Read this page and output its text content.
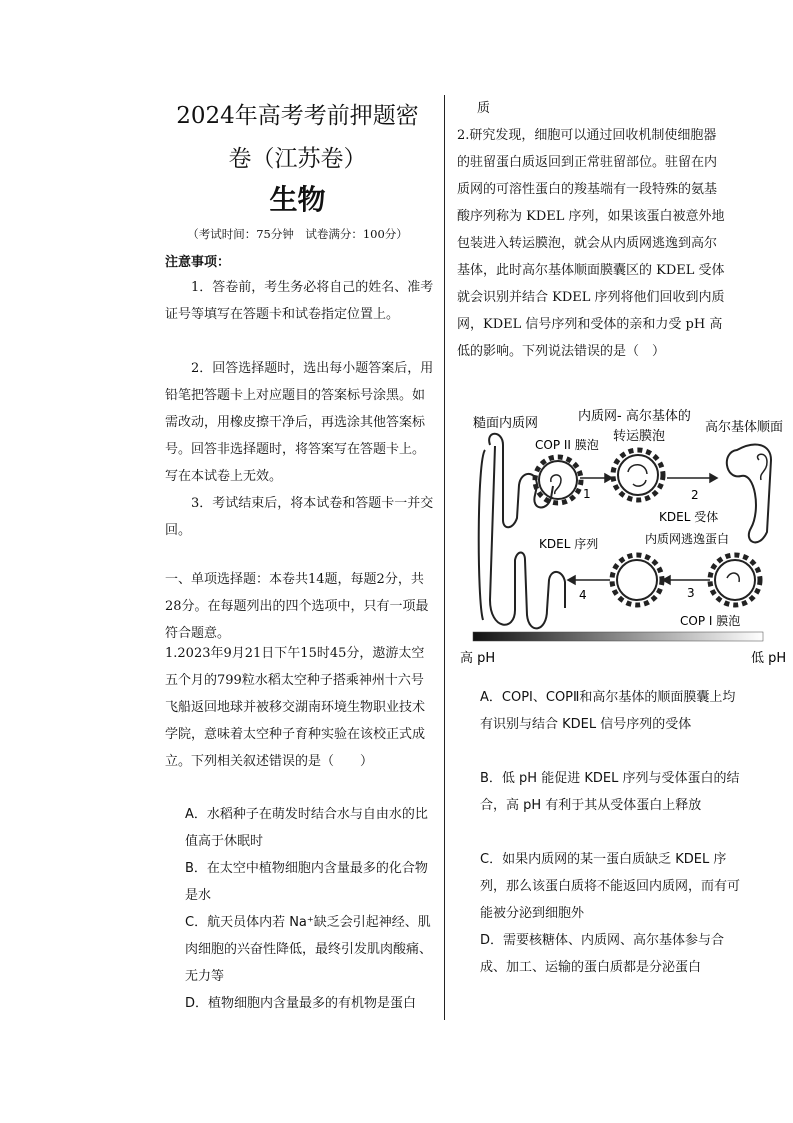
2024年高考考前押题密
卷（江苏卷）
生物
（考试时间：75分钟　试卷满分：100分）
注意事项：
1．答卷前，考生务必将自己的姓名、准考证号等填写在答题卡和试卷指定位置上。
2．回答选择题时，选出每小题答案后，用铅笔把答题卡上对应题目的答案标号涂黑。如需改动，用橡皮擦干净后，再选涂其他答案标号。回答非选择题时，将答案写在答题卡上。写在本试卷上无效。
3．考试结束后，将本试卷和答题卡一并交回。
一、单项选择题：本卷共14题，每题2分，共28分。在每题列出的四个选项中，只有一项最符合题意。
1.2023年9月21日下午15时45分，遨游太空五个月的799粒水稻太空种子搭乘神州十六号飞船返回地球并被移交湖南环境生物职业技术学院，意味着太空种子育种实验在该校正式成立。下列相关叙述错误的是（　　）
A．水稻种子在萌发时结合水与自由水的比值高于休眠时
B．在太空中植物细胞内含量最多的化合物是水
C．航天员体内若 Na⁺缺乏会引起神经、肌肉细胞的兴奋性降低，最终引发肌肉酸痛、无力等
D．植物细胞内含量最多的有机物是蛋白
质
2.研究发现，细胞可以通过回收机制使细胞器的驻留蛋白质返回到正常驻留部位。驻留在内质网的可溶性蛋白的羧基端有一段特殊的氨基酸序列称为 KDEL 序列，如果该蛋白被意外地包装进入转运膜泡，就会从内质网逃逸到高尔基体，此时高尔基体顺面膜囊区的 KDEL 受体就会识别并结合 KDEL 序列将他们回收到内质网，KDEL 信号序列和受体的亲和力受 pH 高低的影响。下列说法错误的是（　）
糙面内质网	内质网- 高尔基体的
转运膜泡
高尔基体顺面
COP II 膜泡
KDEL 受体
内质网逃逸蛋白
KDEL 序列
COP I 膜泡
高 pH	低 pH
1	2
3
4
A．COPⅠ、COPⅡ和高尔基体的顺面膜囊上均有识别与结合 KDEL 信号序列的受体
B．低 pH 能促进 KDEL 序列与受体蛋白的结合，高 pH 有利于其从受体蛋白上释放
C．如果内质网的某一蛋白质缺乏 KDEL 序列，那么该蛋白质将不能返回内质网，而有可能被分泌到细胞外
D．需要核糖体、内质网、高尔基体参与合成、加工、运输的蛋白质都是分泌蛋白
